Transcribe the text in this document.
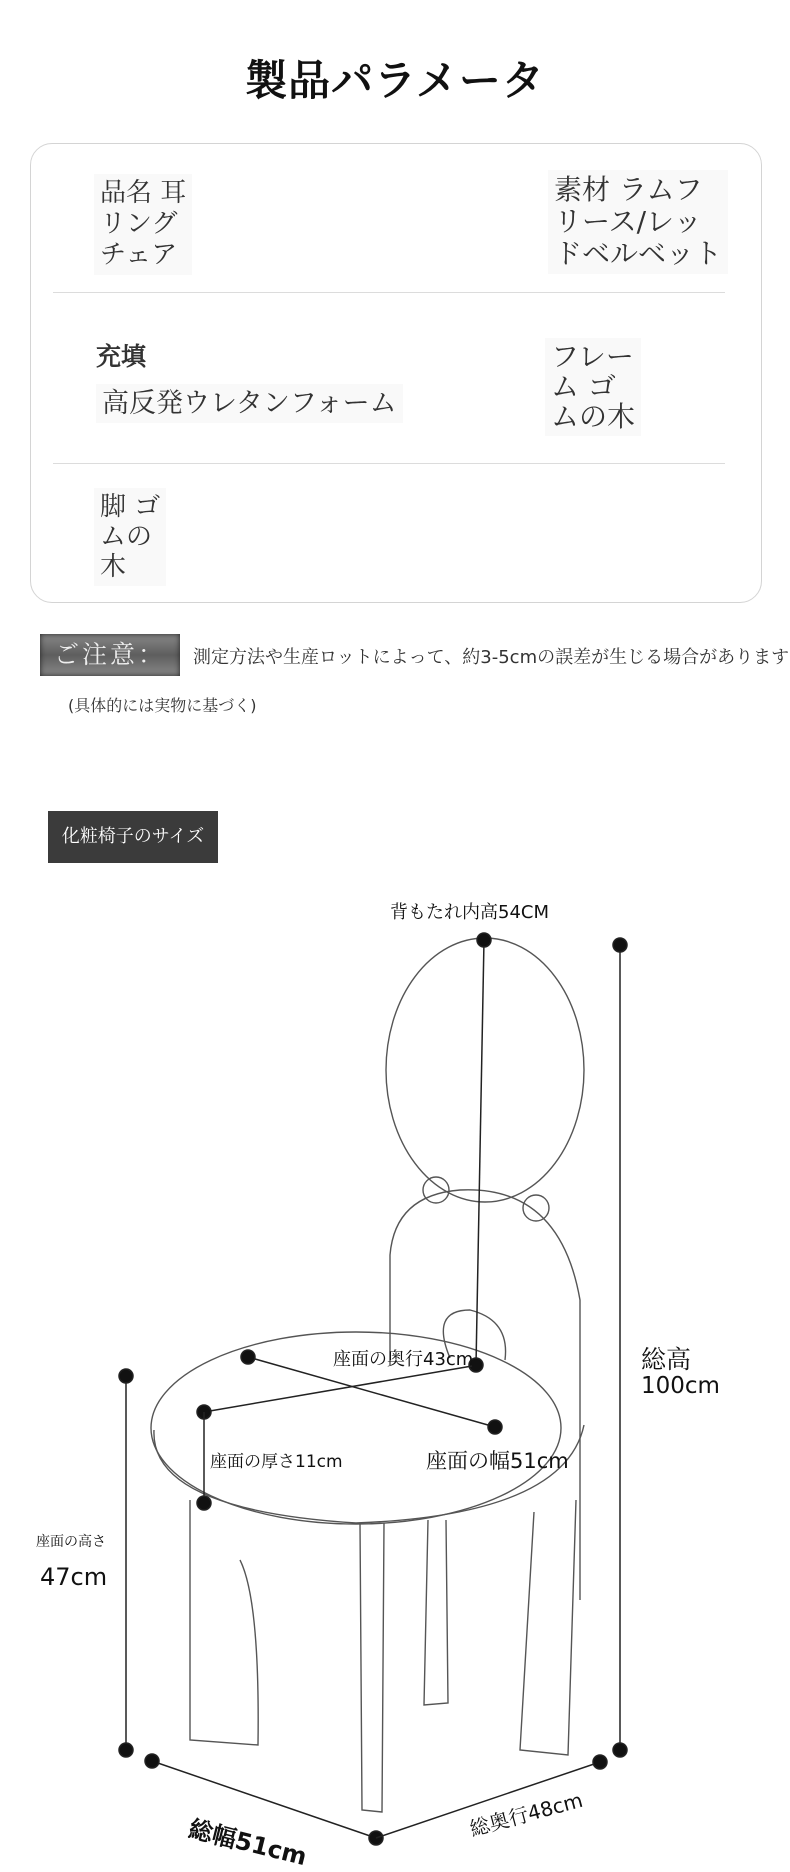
製品パラメータ
品名 耳
リング
チェア
素材 ラムフ
リース/レッ
ドベルベット
充填
高反発ウレタンフォーム
フレー
ム ゴ
ムの木
脚 ゴ
ムの
木
ご注意：	測定方法や生産ロットによって、約3-5cmの誤差が生じる場合があります
(具体的には実物に基づく)
化粧椅子のサイズ
背もたれ内高54CM
座面の奥行43cm
座面の厚さ11cm	座面の幅51cm
総高
100cm
座面の高さ
47cm
総幅51cm
総奥行48cm
